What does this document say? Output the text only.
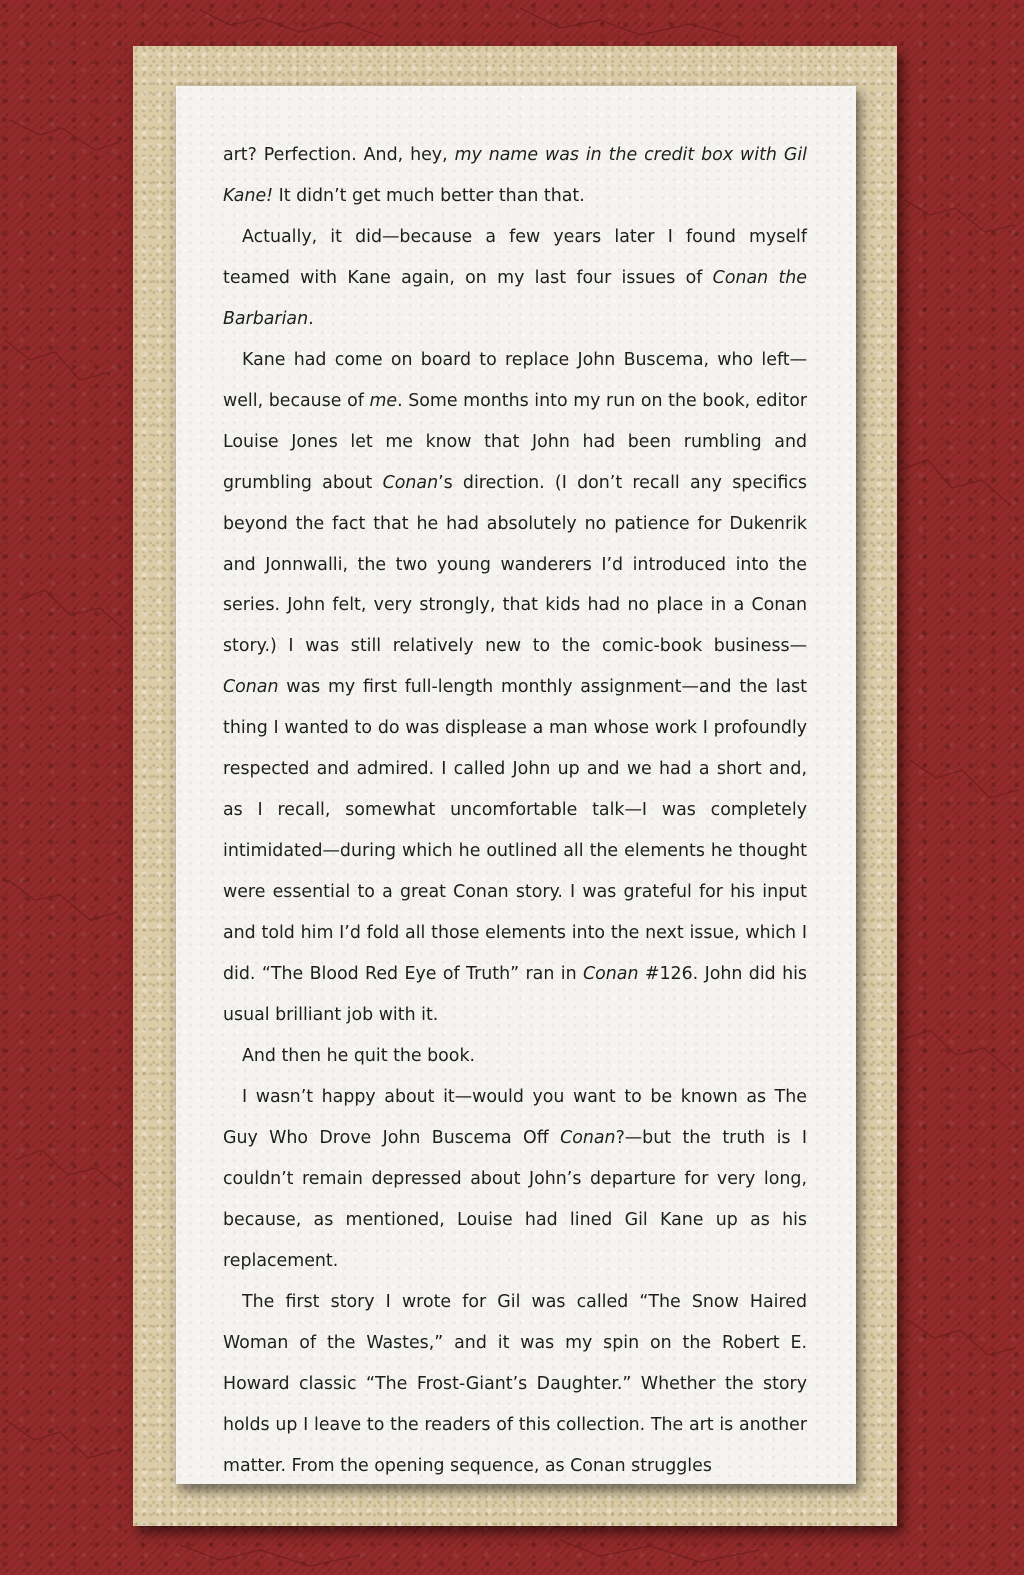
art? Perfection. And, hey, my name was in the credit box with Gil Kane! It didn’t get much better than that.

Actually, it did—because a few years later I found myself teamed with Kane again, on my last four issues of Conan the Barbarian.

Kane had come on board to replace John Buscema, who left—well, because of me. Some months into my run on the book, editor Louise Jones let me know that John had been rumbling and grumbling about Conan’s direction. (I don’t recall any specifics beyond the fact that he had absolutely no patience for Dukenrik and Jonnwalli, the two young wanderers I’d introduced into the series. John felt, very strongly, that kids had no place in a Conan story.) I was still relatively new to the comic-book business—Conan was my first full-length monthly assignment—and the last thing I wanted to do was displease a man whose work I profoundly respected and admired. I called John up and we had a short and, as I recall, somewhat uncomfortable talk—I was completely intimidated—during which he outlined all the elements he thought were essential to a great Conan story. I was grateful for his input and told him I’d fold all those elements into the next issue, which I did. “The Blood Red Eye of Truth” ran in Conan #126. John did his usual brilliant job with it.

And then he quit the book.

I wasn’t happy about it—would you want to be known as The Guy Who Drove John Buscema Off Conan?—but the truth is I couldn’t remain depressed about John’s departure for very long, because, as mentioned, Louise had lined Gil Kane up as his replacement.

The first story I wrote for Gil was called “The Snow Haired Woman of the Wastes,” and it was my spin on the Robert E. Howard classic “The Frost-Giant’s Daughter.” Whether the story holds up I leave to the readers of this collection. The art is another matter. From the opening sequence, as Conan struggles
